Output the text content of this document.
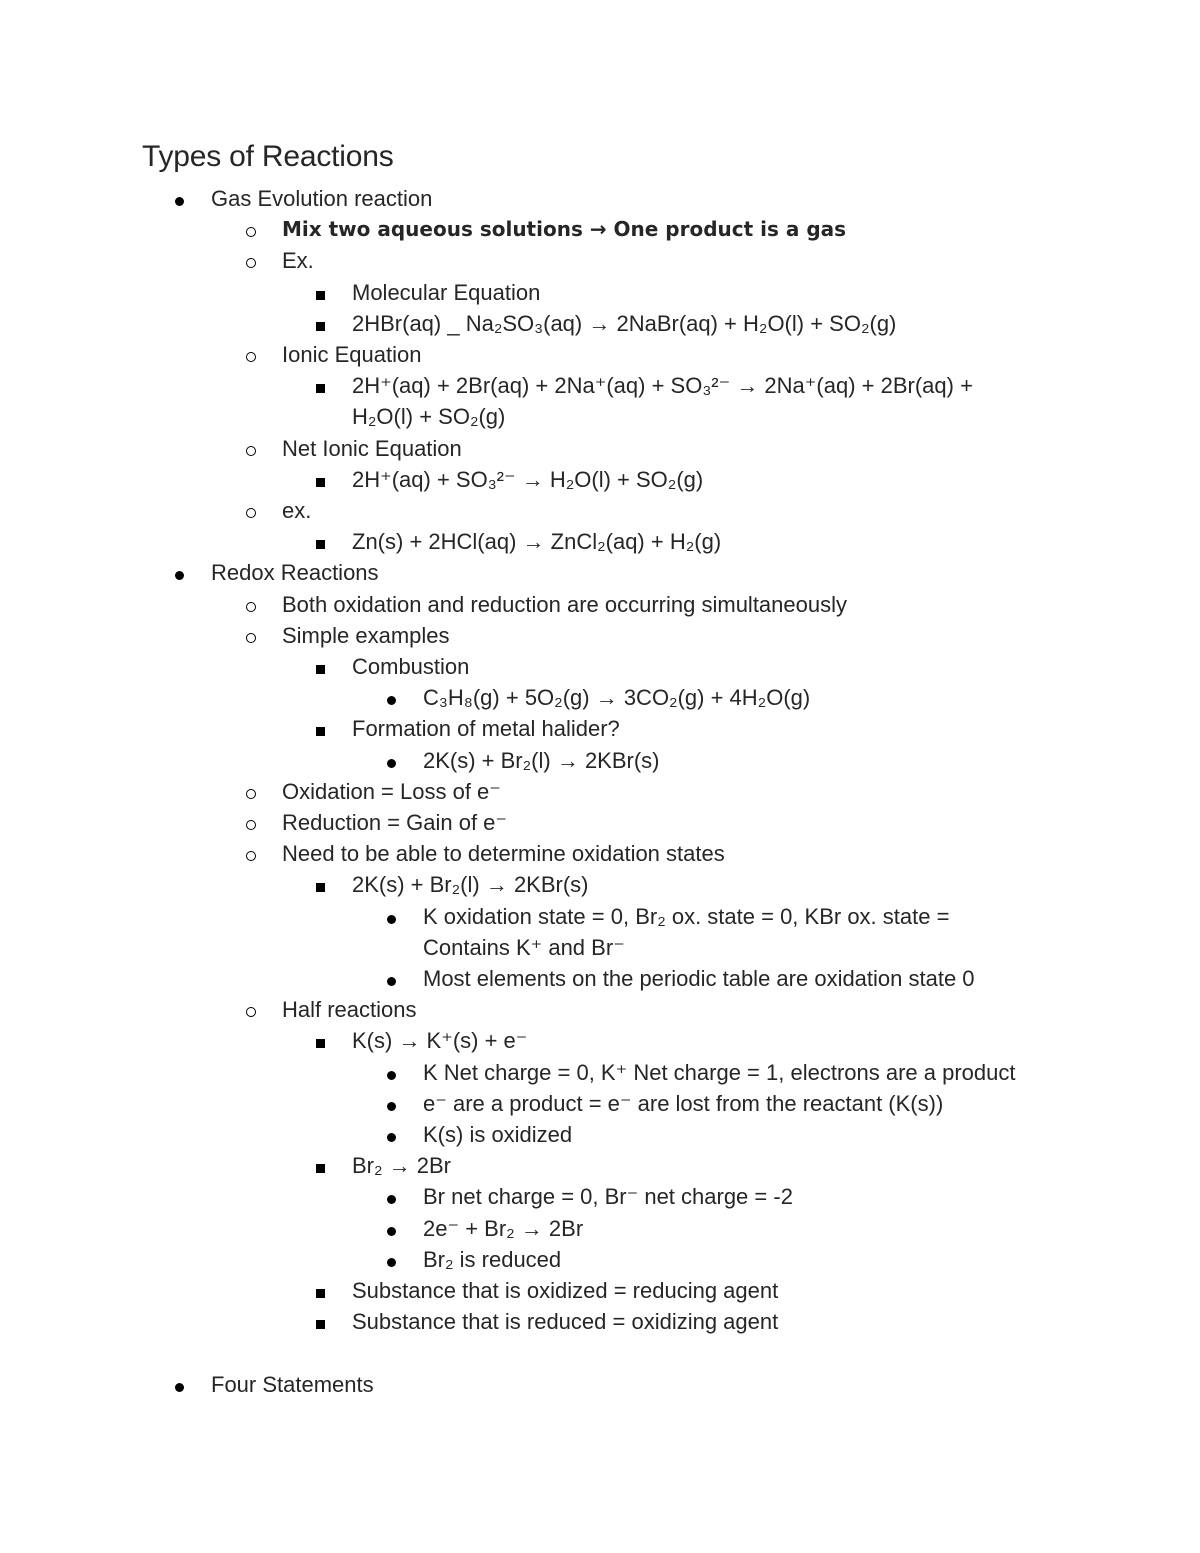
Types of Reactions
Gas Evolution reaction
Mix two aqueous solutions → One product is a gas
Ex.
Molecular Equation
2HBr(aq) _ Na₂SO₃(aq) → 2NaBr(aq) + H₂O(l) + SO₂(g)
Ionic Equation
2H⁺(aq) + 2Br(aq) + 2Na⁺(aq) + SO₃²⁻ → 2Na⁺(aq) + 2Br(aq) +
H₂O(l) + SO₂(g)
Net Ionic Equation
2H⁺(aq) + SO₃²⁻ → H₂O(l) + SO₂(g)
ex.
Zn(s) + 2HCl(aq) → ZnCl₂(aq) + H₂(g)
Redox Reactions
Both oxidation and reduction are occurring simultaneously
Simple examples
Combustion
C₃H₈(g) + 5O₂(g) → 3CO₂(g) + 4H₂O(g)
Formation of metal halider?
2K(s) + Br₂(l) → 2KBr(s)
Oxidation = Loss of e⁻
Reduction = Gain of e⁻
Need to be able to determine oxidation states
2K(s) + Br₂(l) → 2KBr(s)
K oxidation state = 0, Br₂ ox. state = 0, KBr ox. state =
Contains K⁺ and Br⁻
Most elements on the periodic table are oxidation state 0
Half reactions
K(s) → K⁺(s) + e⁻
K Net charge = 0, K⁺ Net charge = 1, electrons are a product
e⁻ are a product = e⁻ are lost from the reactant (K(s))
K(s) is oxidized
Br₂ → 2Br
Br net charge = 0, Br⁻ net charge = -2
2e⁻ + Br₂ → 2Br
Br₂ is reduced
Substance that is oxidized = reducing agent
Substance that is reduced = oxidizing agent
Four Statements
